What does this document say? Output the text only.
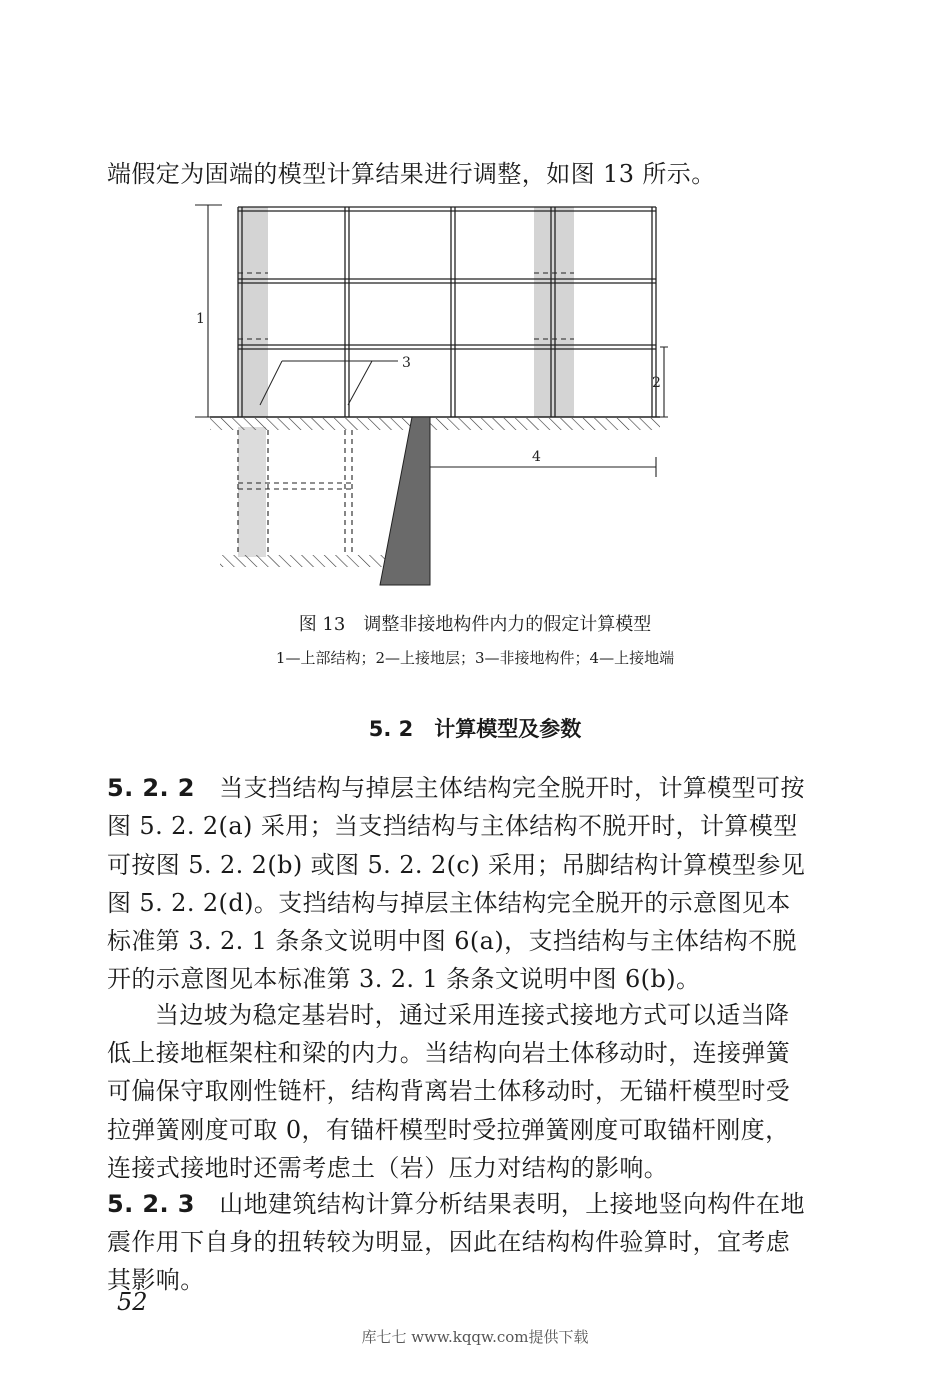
端假定为固端的模型计算结果进行调整，如图 13 所示。
1
2
4
3
图 13　调整非接地构件内力的假定计算模型
1—上部结构；2—上接地层；3—非接地构件；4—上接地端
5. 2　计算模型及参数
5. 2. 2　 当支挡结构与掉层主体结构完全脱开时，计算模型可按
图 5. 2. 2(a) 采用；当支挡结构与主体结构不脱开时，计算模型
可按图 5. 2. 2(b) 或图 5. 2. 2(c) 采用；吊脚结构计算模型参见
图 5. 2. 2(d)。支挡结构与掉层主体结构完全脱开的示意图见本
标准第 3. 2. 1 条条文说明中图 6(a)，支挡结构与主体结构不脱
开的示意图见本标准第 3. 2. 1 条条文说明中图 6(b)。
当边坡为稳定基岩时，通过采用连接式接地方式可以适当降
低上接地框架柱和梁的内力。当结构向岩土体移动时，连接弹簧
可偏保守取刚性链杆，结构背离岩土体移动时，无锚杆模型时受
拉弹簧刚度可取 0，有锚杆模型时受拉弹簧刚度可取锚杆刚度，
连接式接地时还需考虑土（岩）压力对结构的影响。
5. 2. 3　 山地建筑结构计算分析结果表明，上接地竖向构件在地
震作用下自身的扭转较为明显，因此在结构构件验算时，宜考虑
其影响。
52
库七七 www.kqqw.com提供下载
